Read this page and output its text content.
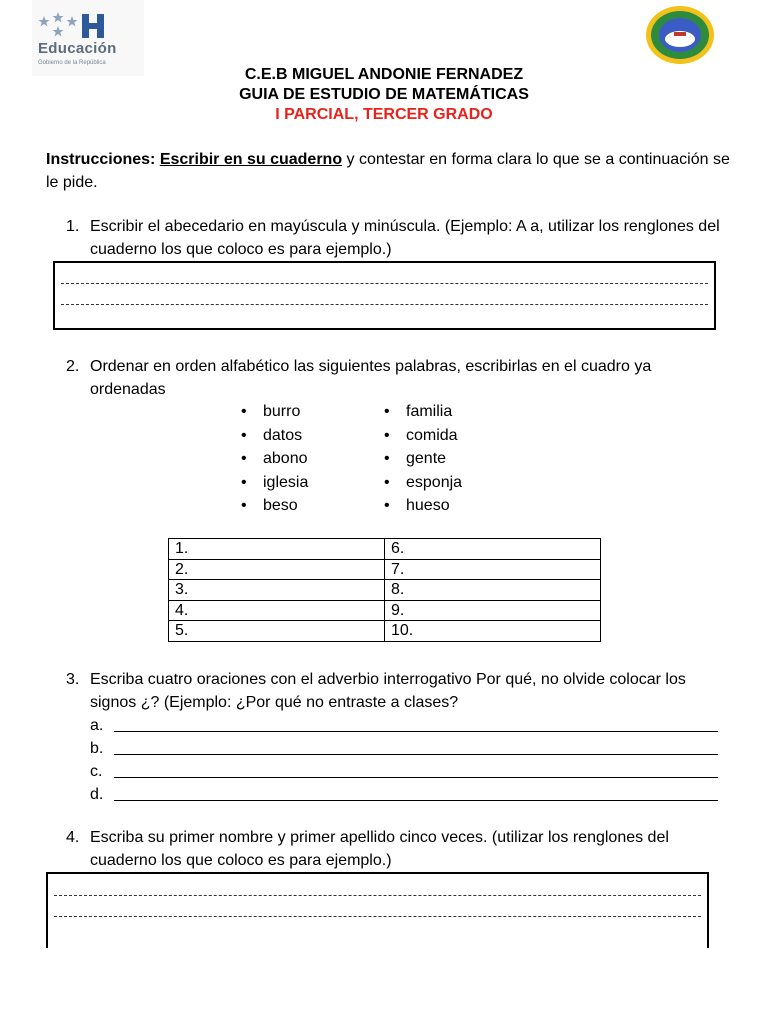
Educación
Gobierno de la República
C.E.B MIGUEL ANDONIE FERNADEZ
GUIA DE ESTUDIO DE MATEMÁTICAS
I PARCIAL, TERCER GRADO
Instrucciones: Escribir en su cuaderno y contestar en forma clara lo que se a continuación se le pide.
1. Escribir el abecedario en mayúscula y minúscula. (Ejemplo: A a, utilizar los renglones del cuaderno los que coloco es para ejemplo.)
2. Ordenar en orden alfabético las siguientes palabras, escribirlas en el cuadro ya ordenadas
• burro
• datos
• abono
• iglesia
• beso
• familia
• comida
• gente
• esponja
• hueso
1.	6.
2.	7.
3.	8.
4.	9.
5.	10.
3. Escriba cuatro oraciones con el adverbio interrogativo Por qué, no olvide colocar los signos ¿? (Ejemplo: ¿Por qué no entraste a clases?
a.
b.
c.
d.
4. Escriba su primer nombre y primer apellido cinco veces. (utilizar los renglones del cuaderno los que coloco es para ejemplo.)
